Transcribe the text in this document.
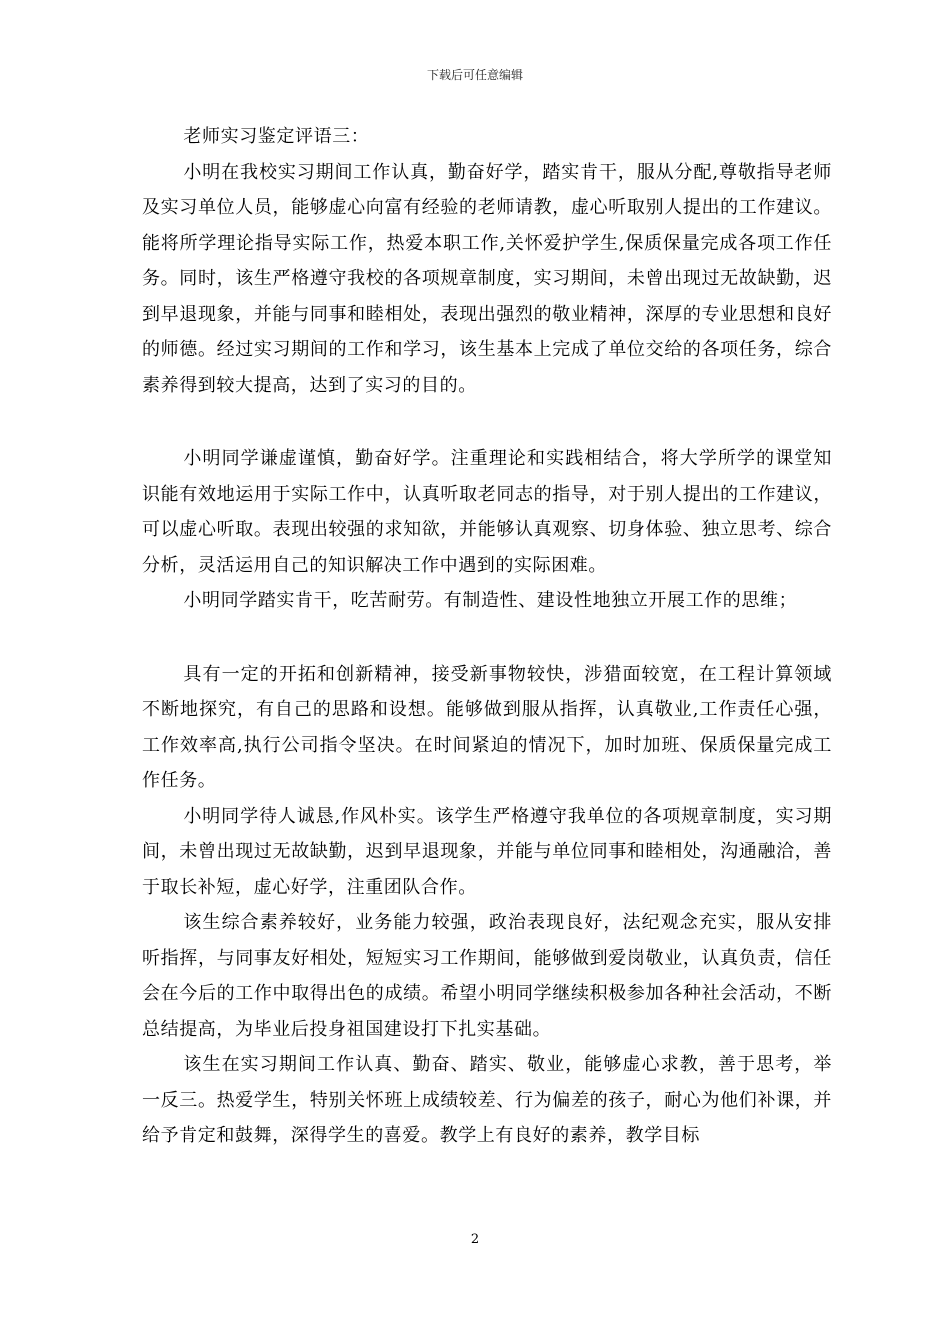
下载后可任意编辑

老师实习鉴定评语三：

小明在我校实习期间工作认真，勤奋好学，踏实肯干，服从分配,尊敬指导老师及实习单位人员，能够虚心向富有经验的老师请教，虚心听取别人提出的工作建议。能将所学理论指导实际工作，热爱本职工作,关怀爱护学生,保质保量完成各项工作任务。同时，该生严格遵守我校的各项规章制度，实习期间，未曾出现过无故缺勤，迟到早退现象，并能与同事和睦相处，表现出强烈的敬业精神，深厚的专业思想和良好的师德。经过实习期间的工作和学习，该生基本上完成了单位交给的各项任务，综合素养得到较大提高，达到了实习的目的。

小明同学谦虚谨慎，勤奋好学。注重理论和实践相结合，将大学所学的课堂知识能有效地运用于实际工作中，认真听取老同志的指导，对于别人提出的工作建议，可以虚心听取。表现出较强的求知欲，并能够认真观察、切身体验、独立思考、综合分析，灵活运用自己的知识解决工作中遇到的实际困难。

小明同学踏实肯干，吃苦耐劳。有制造性、建设性地独立开展工作的思维；

具有一定的开拓和创新精神，接受新事物较快，涉猎面较宽，在工程计算领域不断地探究，有自己的思路和设想。能够做到服从指挥，认真敬业,工作责任心强，工作效率高,执行公司指令坚决。在时间紧迫的情况下，加时加班、保质保量完成工作任务。

小明同学待人诚恳,作风朴实。该学生严格遵守我单位的各项规章制度，实习期间，未曾出现过无故缺勤，迟到早退现象，并能与单位同事和睦相处，沟通融洽，善于取长补短，虚心好学，注重团队合作。

该生综合素养较好，业务能力较强，政治表现良好，法纪观念充实，服从安排听指挥，与同事友好相处，短短实习工作期间，能够做到爱岗敬业，认真负责，信任会在今后的工作中取得出色的成绩。希望小明同学继续积极参加各种社会活动，不断总结提高，为毕业后投身祖国建设打下扎实基础。

该生在实习期间工作认真、勤奋、踏实、敬业，能够虚心求教，善于思考，举一反三。热爱学生，特别关怀班上成绩较差、行为偏差的孩子，耐心为他们补课，并给予肯定和鼓舞，深得学生的喜爱。教学上有良好的素养，教学目标

2
